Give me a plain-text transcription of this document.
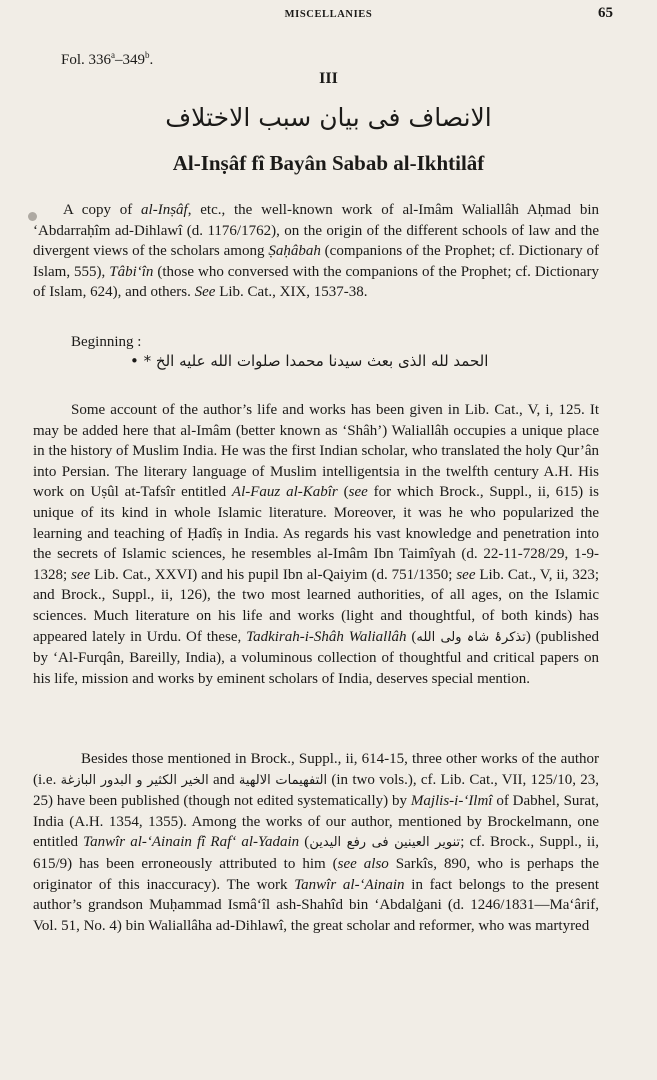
MISCELLANIES	65
Fol. 336$^a$–349$^b$.
III
الانصاف فی بیان سبب الاختلاف
Al-Inṣâf fî Bayân Sabab al-Ikhtilâf
A copy of al-Inṣâf, etc., the well-known work of al-Imâm Waliallâh Aḥmad bin ‘Abdarraḥîm ad-Dihlawî (d. 1176/1762), on the origin of the different schools of law and the divergent views of the scholars among Ṣaḥâbah (companions of the Prophet; cf. Dictionary of Islam, 555), Tâbi‘în (those who conversed with the companions of the Prophet; cf. Dictionary of Islam, 624), and others. See Lib. Cat., XIX, 1537-38.
Beginning :
• * الحمد لله الذی بعث سیدنا محمدا صلوات الله علیه الخ
Some account of the author’s life and works has been given in Lib. Cat., V, i, 125. It may be added here that al-Imâm (better known as ‘Shâh’) Waliallâh occupies a unique place in the history of Muslim India. He was the first Indian scholar, who translated the holy Qur’ân into Persian. The literary language of Muslim intelligentsia in the twelfth century A.H. His work on Uṣûl at-Tafsîr entitled Al-Fauz al-Kabîr (see for which Brock., Suppl., ii, 615) is unique of its kind in whole Islamic literature. Moreover, it was he who popularized the learning and teaching of Ḥadîṣ in India. As regards his vast knowledge and penetration into the secrets of Islamic sciences, he resembles al-Imâm Ibn Taimîyah (d. 22-11-728/29, 1-9-1328; see Lib. Cat., XXVI) and his pupil Ibn al-Qaiyim (d. 751/1350; see Lib. Cat., V, ii, 323; and Brock., Suppl., ii, 126), the two most learned authorities, of all ages, on the Islamic sciences. Much literature on his life and works (light and thoughtful, of both kinds) has appeared lately in Urdu. Of these, Tadkirah-i-Shâh Waliallâh (تذکرۂ شاہ ولی الله) (published by ‘Al-Furqân, Bareilly, India), a voluminous collection of thoughtful and critical papers on his life, mission and works by eminent scholars of India, deserves special mention.
Besides those mentioned in Brock., Suppl., ii, 614-15, three other works of the author (i.e. الخیر الکثیر و البدور البازغة and التفهیمات الالهیة (in two vols.), cf. Lib. Cat., VII, 125/10, 23, 25) have been published (though not edited systematically) by Majlis-i-‘Ilmî of Dabhel, Surat, India (A.H. 1354, 1355). Among the works of our author, mentioned by Brockelmann, one entitled Tanwîr al-‘Ainain fî Raf‘ al-Yadain (تنویر العینین فی رفع الیدین; cf. Brock., Suppl., ii, 615/9) has been erroneously attributed to him (see also Sarkîs, 890, who is perhaps the originator of this inaccuracy). The work Tanwîr al-‘Ainain in fact belongs to the present author’s grandson Muḥammad Ismâ‘îl ash-Shahîd bin ‘Abdalġani (d. 1246/1831—Ma‘ârif, Vol. 51, No. 4) bin Waliallâha ad-Dihlawî, the great scholar and reformer, who was martyred
